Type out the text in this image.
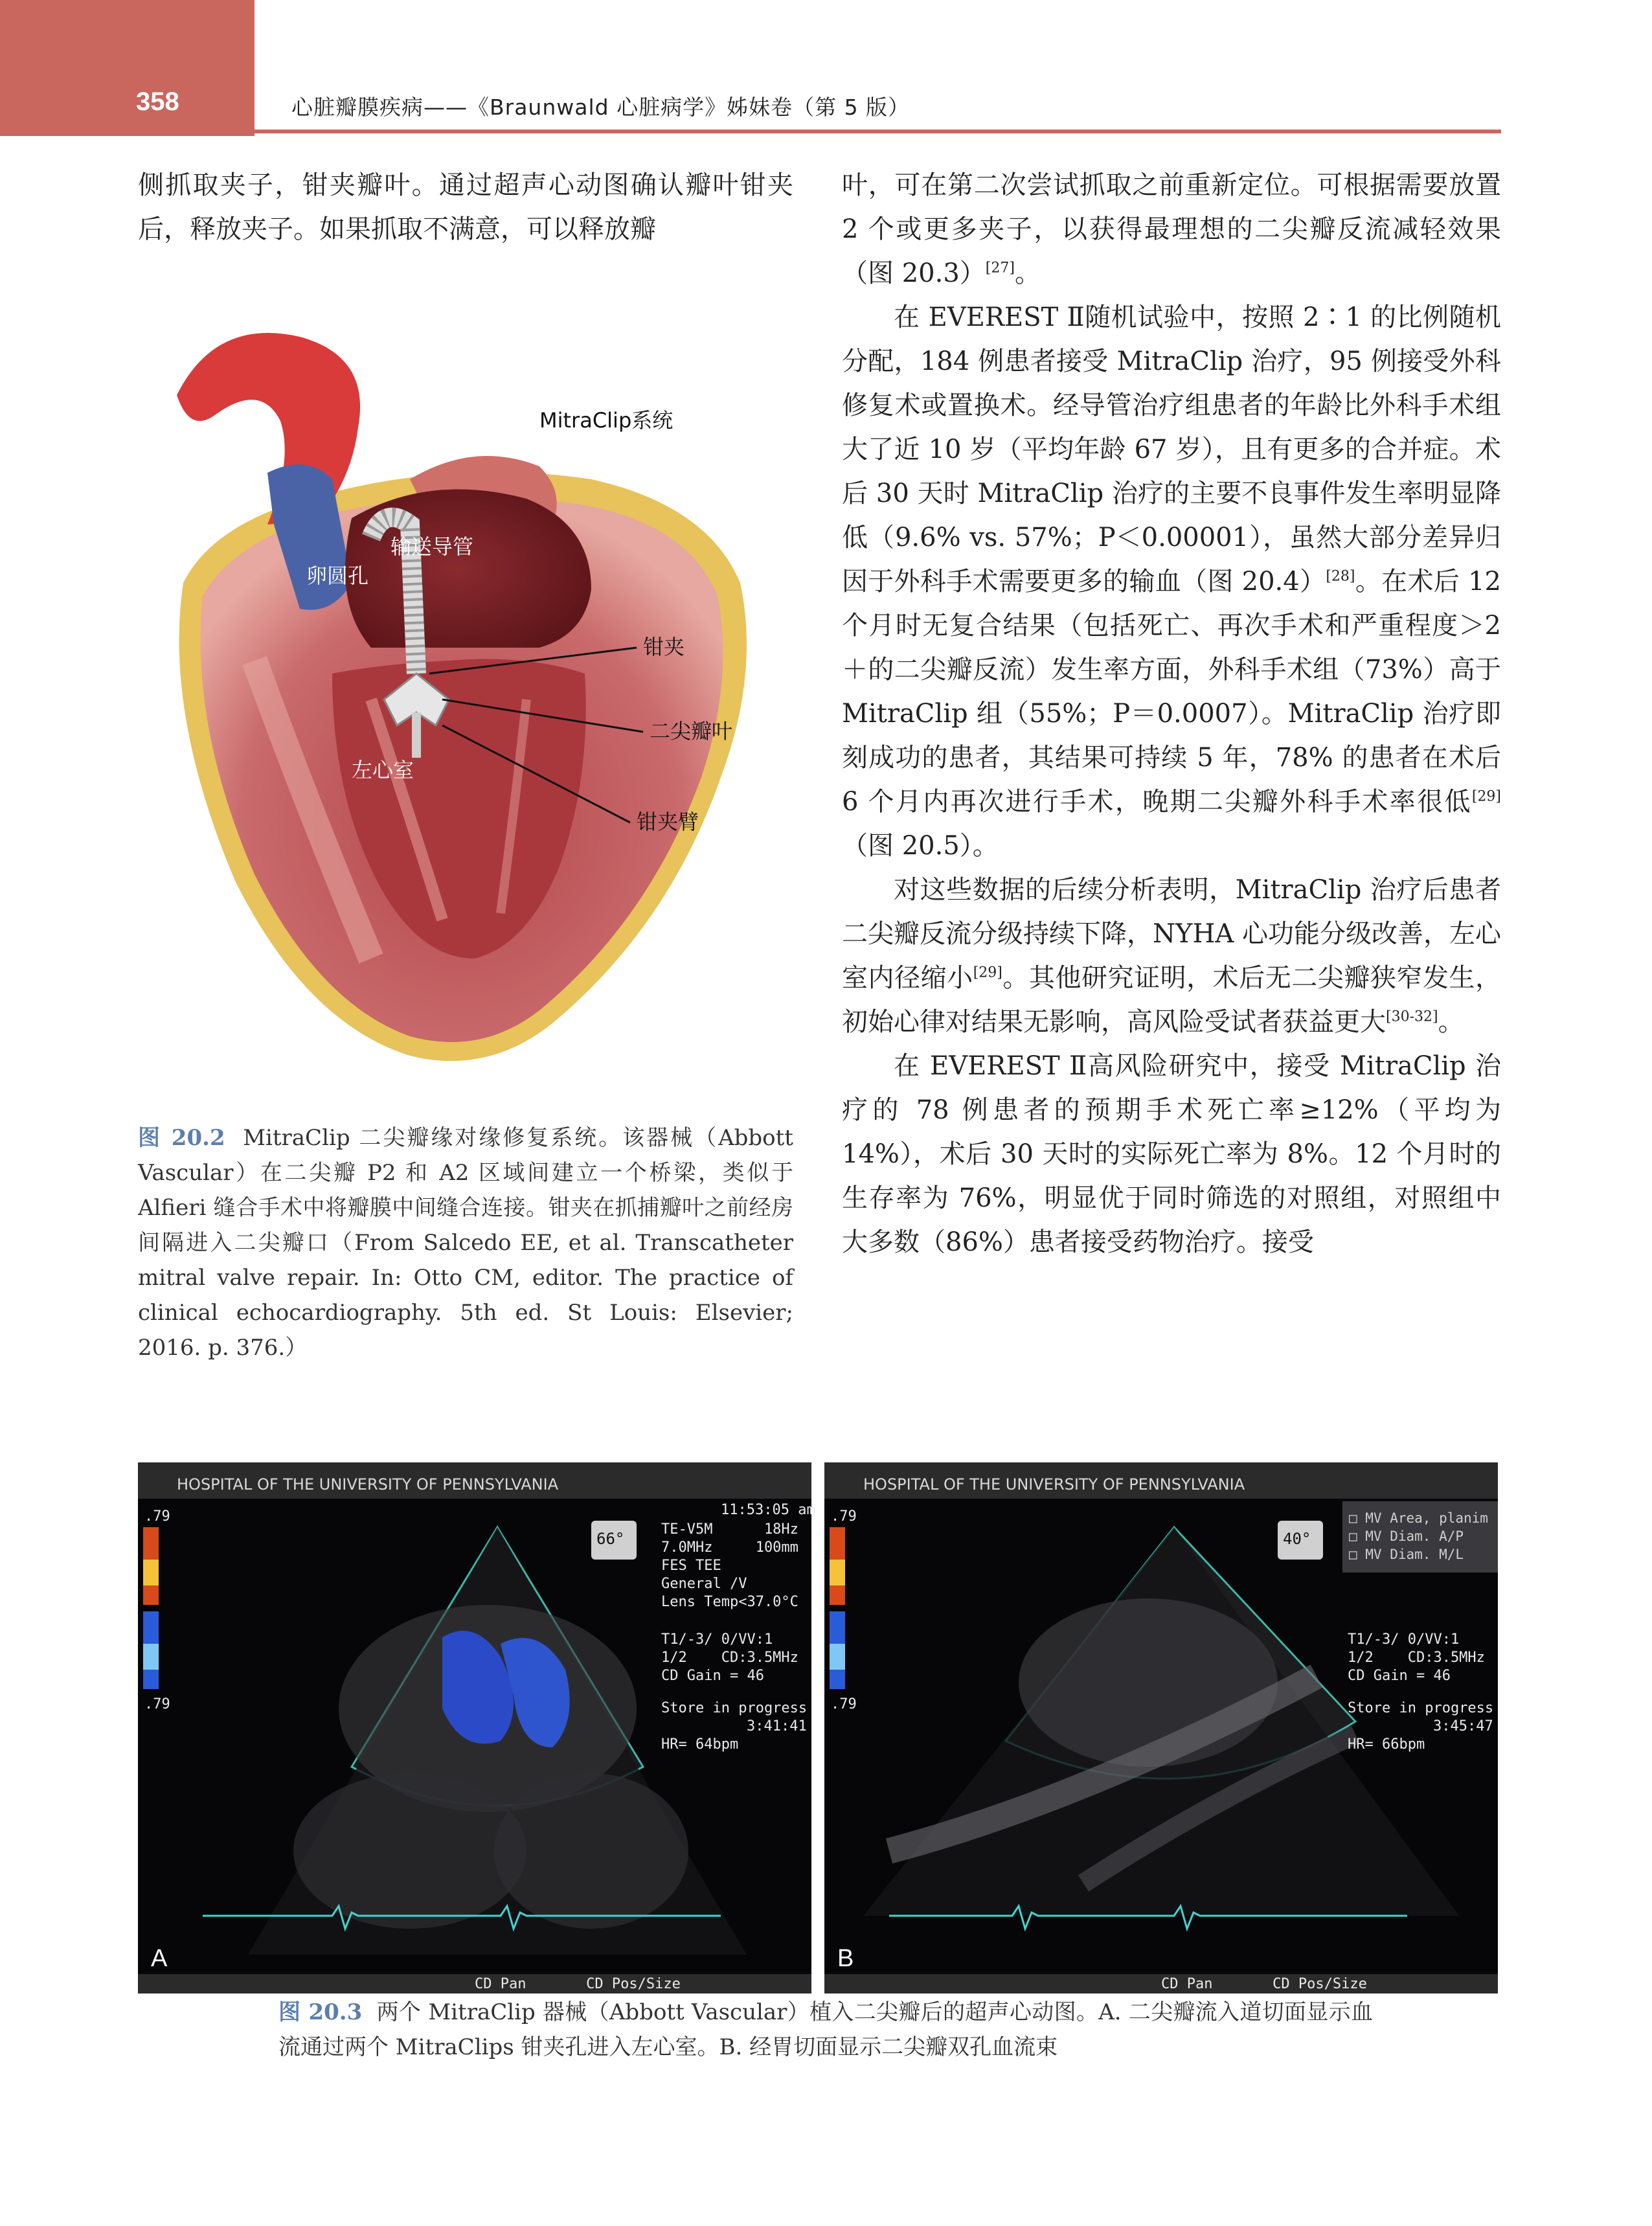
358	心脏瓣膜疾病——《Braunwald 心脏病学》姊妹卷（第 5 版）

侧抓取夹子，钳夹瓣叶。通过超声心动图确认瓣叶钳夹后，释放夹子。如果抓取不满意，可以释放瓣

MitraClip系统
输送导管
卵圆孔
钳夹
二尖瓣叶
左心室
钳夹臂
图 20.2 MitraClip 二尖瓣缘对缘修复系统。该器械（Abbott Vascular）在二尖瓣 P2 和 A2 区域间建立一个桥梁，类似于 Alfieri 缝合手术中将瓣膜中间缝合连接。钳夹在抓捕瓣叶之前经房间隔进入二尖瓣口（From Salcedo EE, et al. Transcatheter mitral valve repair. In: Otto CM, editor. The practice of clinical echocardiography. 5th ed. St Louis: Elsevier; 2016. p. 376.）

叶，可在第二次尝试抓取之前重新定位。可根据需要放置 2 个或更多夹子，以获得最理想的二尖瓣反流减轻效果（图 20.3）[27]。

在 EVEREST Ⅱ随机试验中，按照 2∶1 的比例随机分配，184 例患者接受 MitraClip 治疗，95 例接受外科修复术或置换术。经导管治疗组患者的年龄比外科手术组大了近 10 岁（平均年龄 67 岁），且有更多的合并症。术后 30 天时 MitraClip 治疗的主要不良事件发生率明显降低（9.6% vs. 57%；P＜0.00001），虽然大部分差异归因于外科手术需要更多的输血（图 20.4）[28]。在术后 12 个月时无复合结果（包括死亡、再次手术和严重程度＞2＋的二尖瓣反流）发生率方面，外科手术组（73%）高于 MitraClip 组（55%；P＝0.0007）。MitraClip 治疗即刻成功的患者，其结果可持续 5 年，78% 的患者在术后 6 个月内再次进行手术，晚期二尖瓣外科手术率很低[29]（图 20.5）。

对这些数据的后续分析表明，MitraClip 治疗后患者二尖瓣反流分级持续下降，NYHA 心功能分级改善，左心室内径缩小[29]。其他研究证明，术后无二尖瓣狭窄发生，初始心律对结果无影响，高风险受试者获益更大[30-32]。

在 EVEREST Ⅱ高风险研究中，接受 MitraClip 治疗的 78 例患者的预期手术死亡率≥12%（平均为 14%），术后 30 天时的实际死亡率为 8%。12 个月时的生存率为 76%，明显优于同时筛选的对照组，对照组中大多数（86%）患者接受药物治疗。接受

HOSPITAL OF THE UNIVERSITY OF PENNSYLVANIA
11:53:05 am
66°
.79
.79
TE-V5M      18Hz
7.0MHz     100mm
FES TEE
General /V
Lens Temp<37.0°C
T1/-3/ 0/VV:1
1/2    CD:3.5MHz
CD Gain = 46
Store in progress
3:41:41
HR= 64bpm
CD Pan       CD Pos/Size
A
HOSPITAL OF THE UNIVERSITY OF PENNSYLVANIA
40°
.79
.79
□ MV Area, planim
□ MV Diam. A/P
□ MV Diam. M/L
T1/-3/ 0/VV:1
1/2    CD:3.5MHz
CD Gain = 46
Store in progress
3:45:47
HR= 66bpm
CD Pan       CD Pos/Size
B
图 20.3 两个 MitraClip 器械（Abbott Vascular）植入二尖瓣后的超声心动图。A. 二尖瓣流入道切面显示血流通过两个 MitraClips 钳夹孔进入左心室。B. 经胃切面显示二尖瓣双孔血流束
